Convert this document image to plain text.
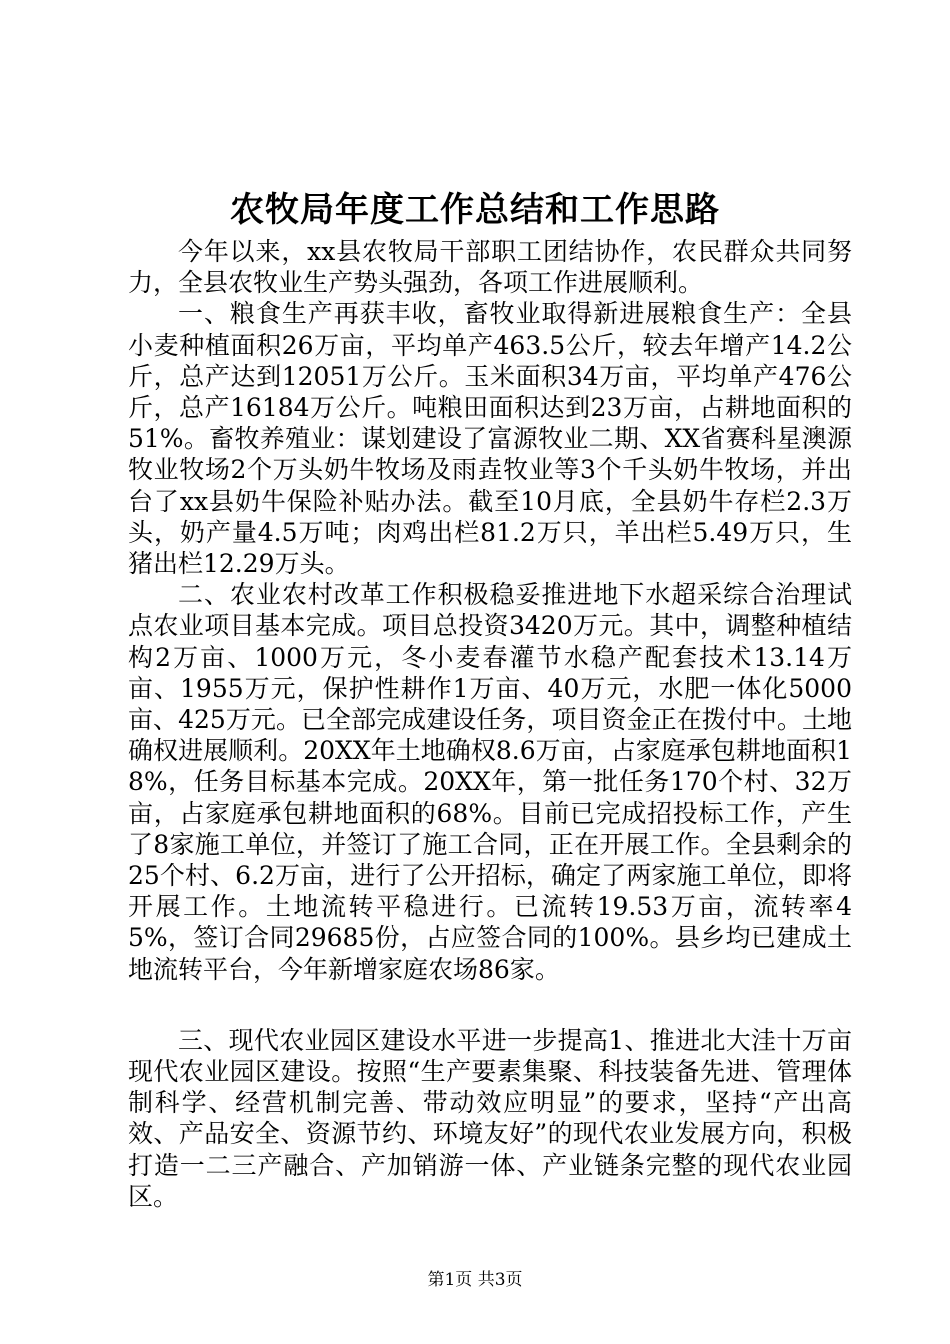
农牧局年度工作总结和工作思路

今年以来，xx县农牧局干部职工团结协作，农民群众共同努力，全县农牧业生产势头强劲，各项工作进展顺利。

一、粮食生产再获丰收，畜牧业取得新进展粮食生产：全县小麦种植面积26万亩，平均单产463.5公斤，较去年增产14.2公斤，总产达到12051万公斤。玉米面积34万亩，平均单产476公斤，总产16184万公斤。吨粮田面积达到23万亩，占耕地面积的51%。畜牧养殖业：谋划建设了富源牧业二期、XX省赛科星澳源牧业牧场2个万头奶牛牧场及雨垚牧业等3个千头奶牛牧场，并出台了xx县奶牛保险补贴办法。截至10月底，全县奶牛存栏2.3万头，奶产量4.5万吨；肉鸡出栏81.2万只，羊出栏5.49万只，生猪出栏12.29万头。

二、农业农村改革工作积极稳妥推进地下水超采综合治理试点农业项目基本完成。项目总投资3420万元。其中，调整种植结构2万亩、1000万元，冬小麦春灌节水稳产配套技术13.14万亩、1955万元，保护性耕作1万亩、40万元，水肥一体化5000亩、425万元。已全部完成建设任务，项目资金正在拨付中。土地确权进展顺利。20XX年土地确权8.6万亩，占家庭承包耕地面积18%，任务目标基本完成。20XX年，第一批任务170个村、32万亩，占家庭承包耕地面积的68%。目前已完成招投标工作，产生了8家施工单位，并签订了施工合同，正在开展工作。全县剩余的25个村、6.2万亩，进行了公开招标，确定了两家施工单位，即将开展工作。土地流转平稳进行。已流转19.53万亩，流转率45%，签订合同29685份，占应签合同的100%。县乡均已建成土地流转平台，今年新增家庭农场86家。

三、现代农业园区建设水平进一步提高1、推进北大洼十万亩现代农业园区建设。按照“生产要素集聚、科技装备先进、管理体制科学、经营机制完善、带动效应明显”的要求，坚持“产出高效、产品安全、资源节约、环境友好”的现代农业发展方向，积极打造一二三产融合、产加销游一体、产业链条完整的现代农业园区。

第1页 共3页
